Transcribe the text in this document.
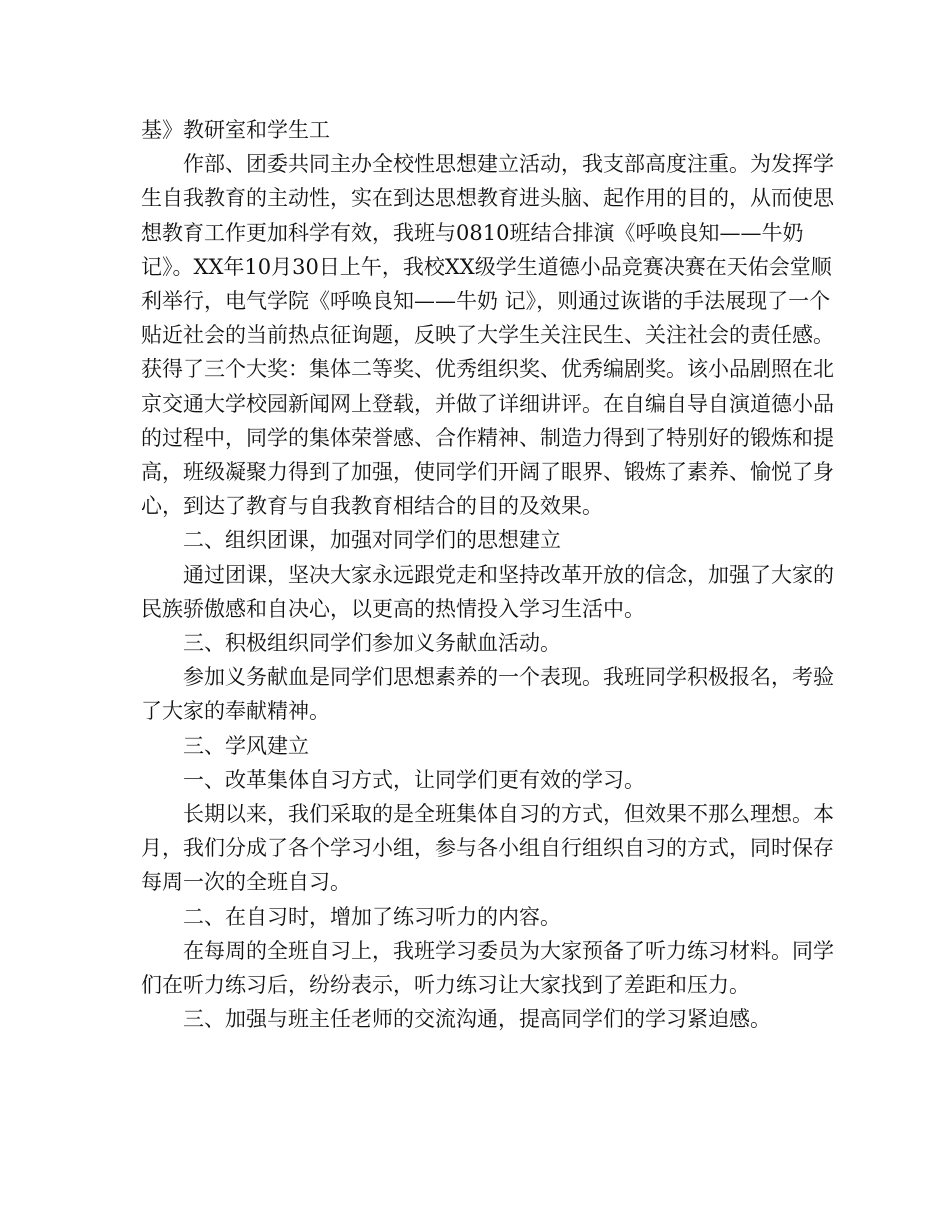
基》教研室和学生工

作部、团委共同主办全校性思想建立活动，我支部高度注重。为发挥学生自我教育的主动性，实在到达思想教育进头脑、起作用的目的，从而使思想教育工作更加科学有效，我班与0810班结合排演《呼唤良知——牛奶记》。XX年10月30日上午，我校XX级学生道德小品竞赛决赛在天佑会堂顺利举行，电气学院《呼唤良知——牛奶 记》，则通过诙谐的手法展现了一个贴近社会的当前热点征询题，反映了大学生关注民生、关注社会的责任感。获得了三个大奖：集体二等奖、优秀组织奖、优秀编剧奖。该小品剧照在北京交通大学校园新闻网上登载，并做了详细讲评。在自编自导自演道德小品的过程中，同学的集体荣誉感、合作精神、制造力得到了特别好的锻炼和提高，班级凝聚力得到了加强，使同学们开阔了眼界、锻炼了素养、愉悦了身心，到达了教育与自我教育相结合的目的及效果。

二、组织团课，加强对同学们的思想建立

通过团课，坚决大家永远跟党走和坚持改革开放的信念，加强了大家的民族骄傲感和自决心，以更高的热情投入学习生活中。

三、积极组织同学们参加义务献血活动。

参加义务献血是同学们思想素养的一个表现。我班同学积极报名，考验了大家的奉献精神。

三、学风建立

一、改革集体自习方式，让同学们更有效的学习。

长期以来，我们采取的是全班集体自习的方式，但效果不那么理想。本月，我们分成了各个学习小组，参与各小组自行组织自习的方式，同时保存每周一次的全班自习。

二、在自习时，增加了练习听力的内容。

在每周的全班自习上，我班学习委员为大家预备了听力练习材料。同学们在听力练习后，纷纷表示，听力练习让大家找到了差距和压力。

三、加强与班主任老师的交流沟通，提高同学们的学习紧迫感。
